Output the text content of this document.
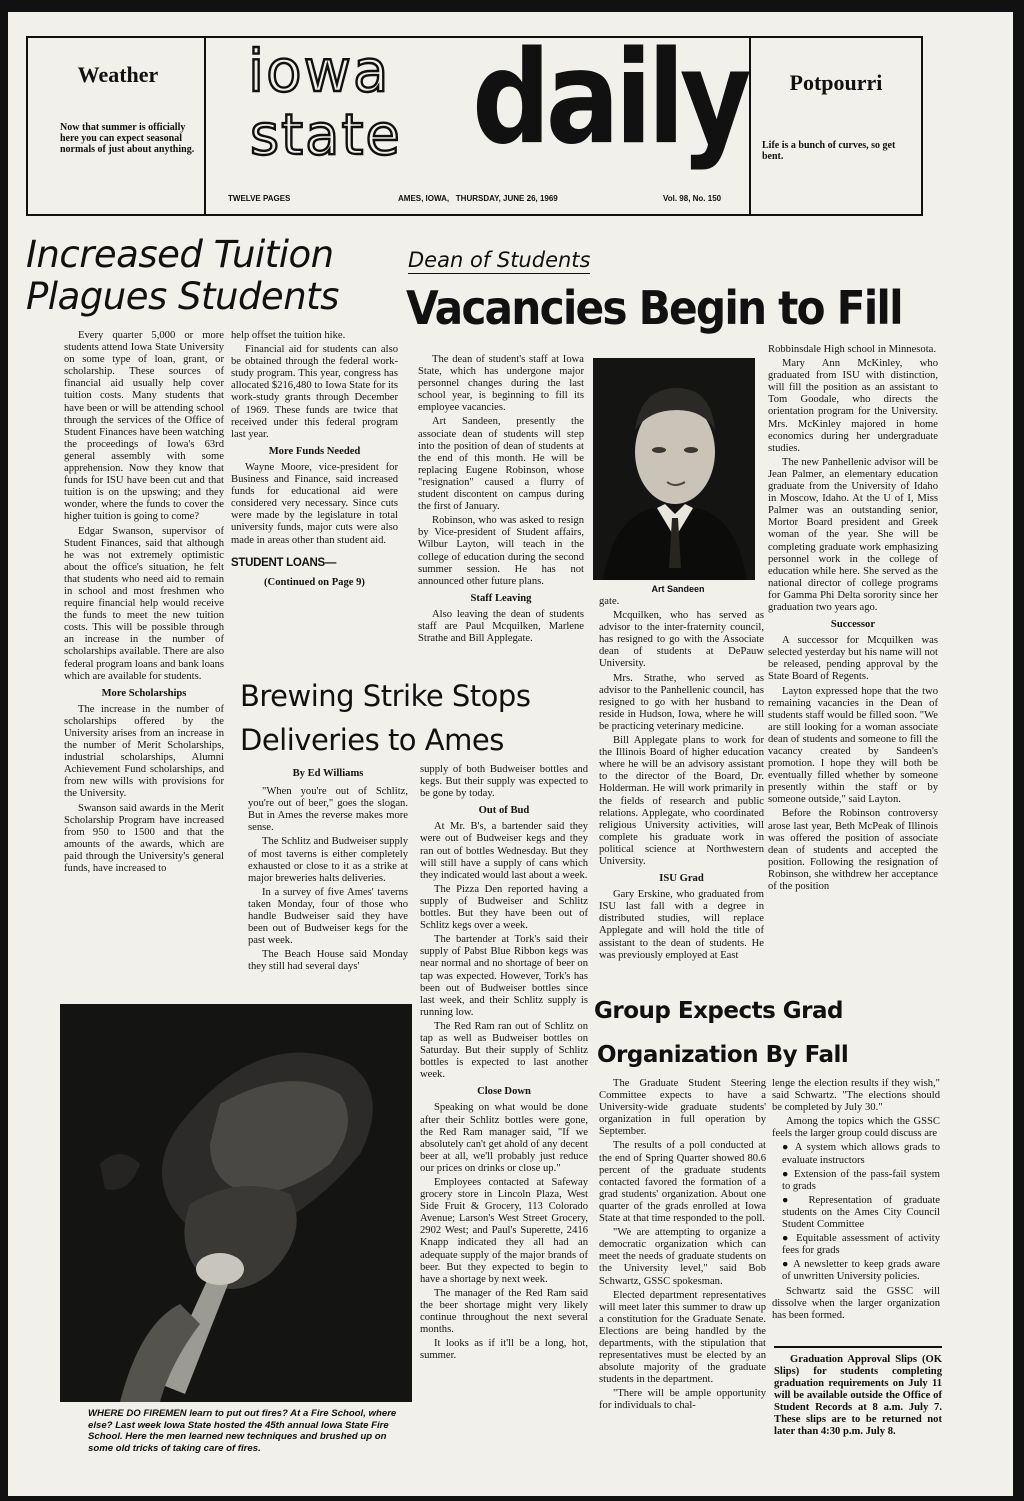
Weather
Now that summer is officially here you can expect seasonal normals of just about anything.
iowa
state daily	Potpourri
Life is a bunch of curves, so get bent.
TWELVE PAGES	AMES, IOWA,   THURSDAY, JUNE 26, 1969	Vol. 98, No. 150
Increased Tuition
Plagues Students

Every quarter 5,000 or more students attend Iowa State University on some type of loan, grant, or scholarship. These sources of financial aid usually help cover tuition costs. Many students that have been or will be attending school through the services of the Office of Student Finances have been watching the proceedings of Iowa's 63rd general assembly with some apprehension. Now they know that funds for ISU have been cut and that tuition is on the upswing; and they wonder, where the funds to cover the higher tuition is going to come?

Edgar Swanson, supervisor of Student Finances, said that although he was not extremely optimistic about the office's situation, he felt that students who need aid to remain in school and most freshmen who require financial help would receive the funds to meet the new tuition costs. This will be possible through an increase in the number of scholarships available. There are also federal program loans and bank loans which are available for students.

More Scholarships

The increase in the number of scholarships offered by the University arises from an increase in the number of Merit Scholarships, industrial scholarships, Alumni Achievement Fund scholarships, and from new wills with provisions for the University.

Swanson said awards in the Merit Scholarship Program have increased from 950 to 1500 and that the amounts of the awards, which are paid through the University's general funds, have increased to

help offset the tuition hike.

Financial aid for students can also be obtained through the federal work-study program. This year, congress has allocated $216,480 to Iowa State for its work-study grants through December of 1969. These funds are twice that received under this federal program last year.

More Funds Needed

Wayne Moore, vice-president for Business and Finance, said increased funds for educational aid were considered very necessary. Since cuts were made by the legislature in total university funds, major cuts were also made in areas other than student aid.

STUDENT LOANS—

(Continued on Page 9)

Dean of Students
Vacancies Begin to Fill

The dean of student's staff at Iowa State, which has undergone major personnel changes during the last school year, is beginning to fill its employee vacancies.

Art Sandeen, presently the associate dean of students will step into the position of dean of students at the end of this month. He will be replacing Eugene Robinson, whose "resignation" caused a flurry of student discontent on campus during the first of January.

Robinson, who was asked to resign by Vice-president of Student affairs, Wilbur Layton, will teach in the college of education during the second summer session. He has not announced other future plans.

Staff Leaving

Also leaving the dean of students staff are Paul Mcquilken, Marlene Strathe and Bill Applegate.

Art Sandeen

gate.

Mcquilken, who has served as advisor to the inter-fraternity council, has resigned to go with the Associate dean of students at DePauw University.

Mrs. Strathe, who served as advisor to the Panhellenic council, has resigned to go with her husband to reside in Hudson, Iowa, where he will be practicing veterinary medicine.

Bill Applegate plans to work for the Illinois Board of higher education where he will be an advisory assistant to the director of the Board, Dr. Holderman. He will work primarily in the fields of research and public relations. Applegate, who coordinated religious University activities, will complete his graduate work in political science at Northwestern University.

ISU Grad

Gary Erskine, who graduated from ISU last fall with a degree in distributed studies, will replace Applegate and will hold the title of assistant to the dean of students. He was previously employed at East

Robbinsdale High school in Minnesota.

Mary Ann McKinley, who graduated from ISU with distinction, will fill the position as an assistant to Tom Goodale, who directs the orientation program for the University. Mrs. McKinley majored in home economics during her undergraduate studies.

The new Panhellenic advisor will be Jean Palmer, an elementary education graduate from the University of Idaho in Moscow, Idaho. At the U of I, Miss Palmer was an outstanding senior, Mortor Board president and Greek woman of the year. She will be completing graduate work emphasizing personnel work in the college of education while here. She served as the national director of college programs for Gamma Phi Delta sorority since her graduation two years ago.

Successor

A successor for Mcquilken was selected yesterday but his name will not be released, pending approval by the State Board of Regents.

Layton expressed hope that the two remaining vacancies in the Dean of students staff would be filled soon. "We are still looking for a woman associate dean of students and someone to fill the vacancy created by Sandeen's promotion. I hope they will both be eventually filled whether by someone presently within the staff or by someone outside," said Layton.

Before the Robinson controversy arose last year, Beth McPeak of Illinois was offered the position of associate dean of students and accepted the position. Following the resignation of Robinson, she withdrew her acceptance of the position

Brewing Strike Stops
Deliveries to Ames

By Ed Williams

"When you're out of Schlitz, you're out of beer," goes the slogan. But in Ames the reverse makes more sense.

The Schlitz and Budweiser supply of most taverns is either completely exhausted or close to it as a strike at major breweries halts deliveries.

In a survey of five Ames' taverns taken Monday, four of those who handle Budweiser said they have been out of Budweiser kegs for the past week.

The Beach House said Monday they still had several days'

supply of both Budweiser bottles and kegs. But their supply was expected to be gone by today.

Out of Bud

At Mr. B's, a bartender said they were out of Budweiser kegs and they ran out of bottles Wednesday. But they will still have a supply of cans which they indicated would last about a week.

The Pizza Den reported having a supply of Budweiser and Schlitz bottles. But they have been out of Schlitz kegs over a week.

The bartender at Tork's said their supply of Pabst Blue Ribbon kegs was near normal and no shortage of beer on tap was expected. However, Tork's has been out of Budweiser bottles since last week, and their Schlitz supply is running low.

The Red Ram ran out of Schlitz on tap as well as Budweiser bottles on Saturday. But their supply of Schlitz bottles is expected to last another week.

Close Down

Speaking on what would be done after their Schlitz bottles were gone, the Red Ram manager said, "If we absolutely can't get ahold of any decent beer at all, we'll probably just reduce our prices on drinks or close up."

Employees contacted at Safeway grocery store in Lincoln Plaza, West Side Fruit & Grocery, 113 Colorado Avenue; Larson's West Street Grocery, 2902 West; and Paul's Superette, 2416 Knapp indicated they all had an adequate supply of the major brands of beer. But they expected to begin to have a shortage by next week.

The manager of the Red Ram said the beer shortage might very likely continue throughout the next several months.

It looks as if it'll be a long, hot, summer.

WHERE DO FIREMEN learn to put out fires? At a Fire School, where else? Last week Iowa State hosted the 45th annual Iowa State Fire School. Here the men learned new techniques and brushed up on some old tricks of taking care of fires.
Group Expects Grad
Organization By Fall

The Graduate Student Steering Committee expects to have a University-wide graduate students' organization in full operation by September.

The results of a poll conducted at the end of Spring Quarter showed 80.6 percent of the graduate students contacted favored the formation of a grad students' organization. About one quarter of the grads enrolled at Iowa State at that time responded to the poll.

"We are attempting to organize a democratic organization which can meet the needs of graduate students on the University level," said Bob Schwartz, GSSC spokesman.

Elected department representatives will meet later this summer to draw up a constitution for the Graduate Senate. Elections are being handled by the departments, with the stipulation that representatives must be elected by an absolute majority of the graduate students in the department.

"There will be ample opportunity for individuals to chal-

lenge the election results if they wish," said Schwartz. "The elections should be completed by July 30."

Among the topics which the GSSC feels the larger group could discuss are

● A system which allows grads to evaluate instructors

● Extension of the pass-fail system to grads

● Representation of graduate students on the Ames City Council Student Committee

● Equitable assessment of activity fees for grads

● A newsletter to keep grads aware of unwritten University policies.

Schwartz said the GSSC will dissolve when the larger organization has been formed.

Graduation Approval Slips (OK Slips) for students completing graduation requirements on July 11 will be available outside the Office of Student Records at 8 a.m. July 7. These slips are to be returned not later than 4:30 p.m. July 8.
